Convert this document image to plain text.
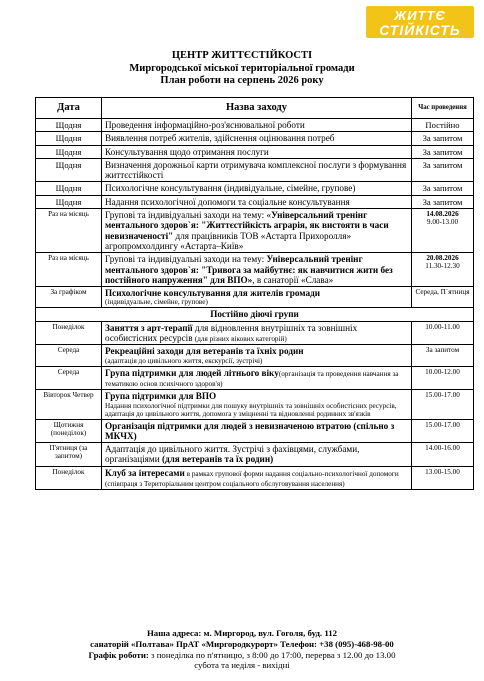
ЖИТТЄ
СТІЙКІСТЬ
ЦЕНТР ЖИТТЄСТІЙКОСТІ
Миргородської міської територіальної громади
План роботи на серпень 2026 року
Дата	Назва заходу	Час проведення
Щодня	Проведення інформаційно-роз'яснювальної роботи	Постійно
Щодня	Виявлення потреб жителів, здійснення оцінювання потреб	За запитом
Щодня	Консультування щодо отримання послуги	За запитом
Щодня	Визначення дорожньої карти отримувача комплексної послуги з формування життєстійкості	За запитом
Щодня	Психологічне консультування (індивідуальне, сімейне, групове)	За запитом
Щодня	Надання психологічної допомоги та соціальне консультування	За запитом
Раз на місяць	Групові та індивідуальні заходи на тему: «Універсальний тренінг ментального здоров`я: "Життєстійкість аграрія, як вистояти в часи невизначеності" для працівників ТОВ «Астарта Прихоролля» агропромхолдингу «Астарта–Київ»	14.08.2026
9.00-13.00

Раз на місяць	Групові та індивідуальні заходи на тему: Універсальний тренінг ментального здоров`я: "Тривога за майбутнє: як навчитися жити без постійного напруження" для ВПО», в санаторії «Слава»	20.08.2026
11.30-12.30

За графіком	Психологічне консультування для жителів громади
(індивідуальне, сімейне, групове)	Середа, П`ятниця
Постійно діючі групи		
Понеділок	Заняття з арт-терапії для відновлення внутрішніх та зовнішніх особистісних ресурсів (для різних вікових категорій)	10.00-11.00
Середа	Рекреаційні заходи для ветеранів та їхніх родин
(адаптація до цивільного життя, екскурсії, зустрічі)	За запитом
Середа	Група підтримки для людей літнього віку(організація та проведення навчання за тематикою основ психічного здоров'я)	10.00-12.00
Вівторок Четвер	Група підтримки для ВПО
Надання психологічної підтримки для пошуку внутрішніх та зовнішніх особистісних ресурсів, адаптація до цивільного життя, допомога у зміцненні та відновленні родинних зв'язків	15.00-17.00
Щотижня (понеділок)	Організація підтримки для людей з невизначеною втратою (спільно з МКЧХ)	15.00-17.00
П'ятниця (за запитом)	Адаптація до цивільного життя. Зустрічі з фахівцями, службами, організаціями (для ветеранів та їх родин)	14.00-16.00
Понеділок	Клуб за інтересами в рамках групової форми надання соціально-психологічної допомоги (співпраця з Територіальним центром соціального обслуговування населення)	13.00-15.00
Наша адреса: м. Миргород, вул. Гоголя, буд. 112
санаторій «Полтава» ПрАТ «Миргородкурорт» Телефон: +38 (095)-468-98-00
Графік роботи: з понеділка по п'ятницю, з 8:00 до 17:00, перерва з 12.00 до 13.00
субота та неділя - вихідні
